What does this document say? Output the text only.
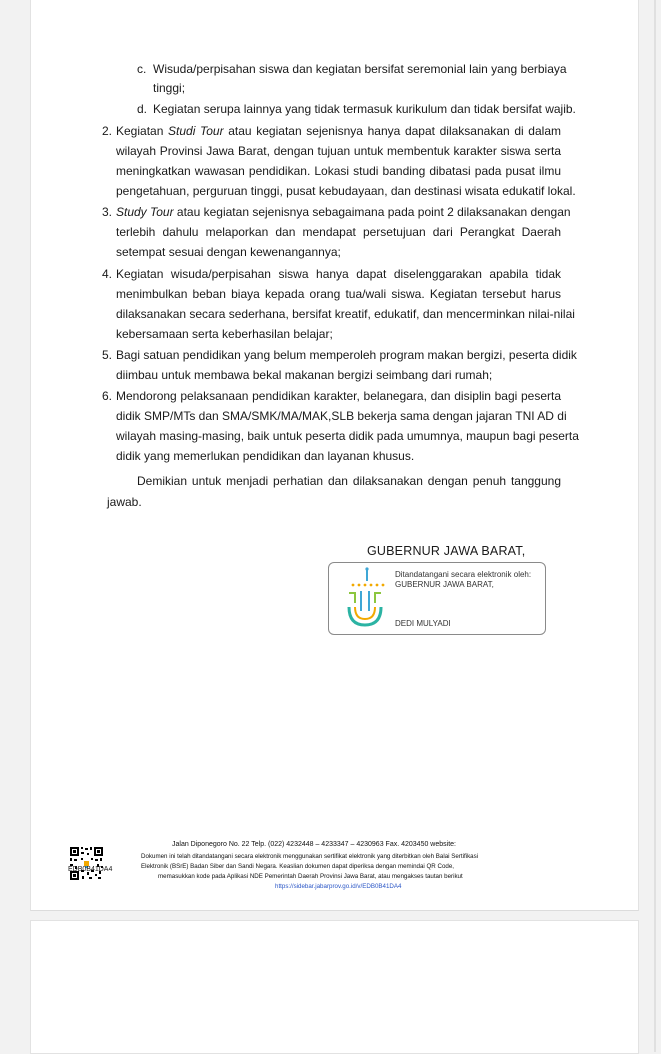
c. Wisuda/perpisahan siswa dan kegiatan bersifat seremonial lain yang berbiaya
tinggi;
d. Kegiatan serupa lainnya yang tidak termasuk kurikulum dan tidak bersifat wajib.
2. Kegiatan Studi Tour atau kegiatan sejenisnya hanya dapat dilaksanakan di dalam
wilayah Provinsi Jawa Barat, dengan tujuan untuk membentuk karakter siswa serta
meningkatkan wawasan pendidikan. Lokasi studi banding dibatasi pada pusat ilmu
pengetahuan, perguruan tinggi, pusat kebudayaan, dan destinasi wisata edukatif lokal.
3. Study Tour atau kegiatan sejenisnya sebagaimana pada point 2 dilaksanakan dengan
terlebih dahulu melaporkan dan mendapat persetujuan dari Perangkat Daerah
setempat sesuai dengan kewenangannya;
4. Kegiatan wisuda/perpisahan siswa hanya dapat diselenggarakan apabila tidak
menimbulkan beban biaya kepada orang tua/wali siswa. Kegiatan tersebut harus
dilaksanakan secara sederhana, bersifat kreatif, edukatif, dan mencerminkan nilai-nilai
kebersamaan serta keberhasilan belajar;
5. Bagi satuan pendidikan yang belum memperoleh program makan bergizi, peserta didik
diimbau untuk membawa bekal makanan bergizi seimbang dari rumah;
6. Mendorong pelaksanaan pendidikan karakter, belanegara, dan disiplin bagi peserta
didik SMP/MTs dan SMA/SMK/MA/MAK,SLB bekerja sama dengan jajaran TNI AD di
wilayah masing-masing, baik untuk peserta didik pada umumnya, maupun bagi peserta
didik yang memerlukan pendidikan dan layanan khusus.
Demikian untuk menjadi perhatian dan dilaksanakan dengan penuh tanggung
jawab.
GUBERNUR JAWA BARAT,
Ditandatangani secara elektronik oleh:
GUBERNUR JAWA BARAT,
DEDI MULYADI
EDB0B41DA4
Jalan Diponegoro No. 22 Telp. (022) 4232448 – 4233347 – 4230963 Fax. 4203450 website:
Dokumen ini telah ditandatangani secara elektronik menggunakan sertifikat elektronik yang diterbitkan oleh Balai Sertifikasi
Elektronik (BSrE) Badan Siber dan Sandi Negara. Keaslian dokumen dapat diperiksa dengan memindai QR Code,
memasukkan kode pada Aplikasi NDE Pemerintah Daerah Provinsi Jawa Barat, atau mengakses tautan berikut
https://sidebar.jabarprov.go.id/v/EDB0B41DA4
